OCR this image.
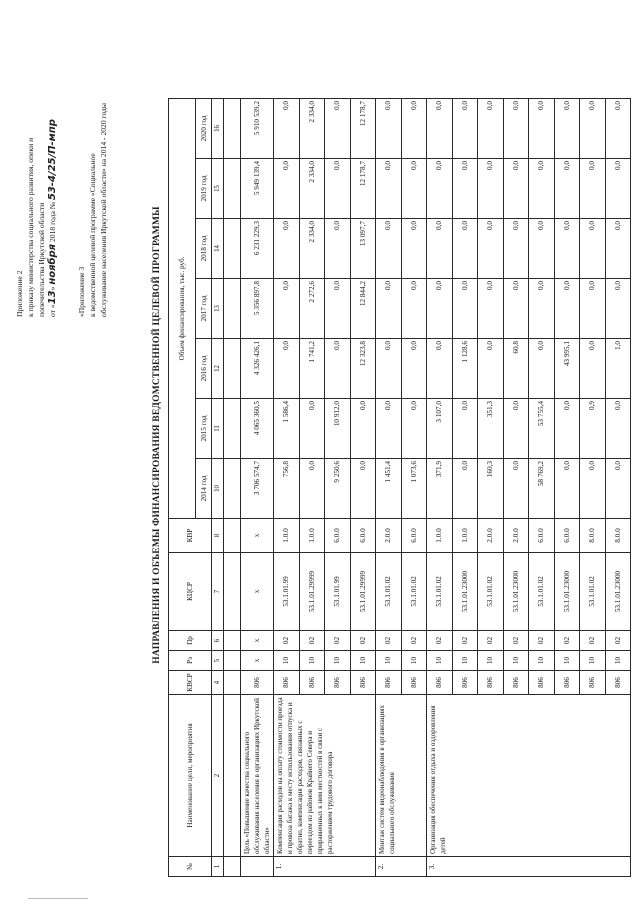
Приложение 2 к приказу министерства социального развития, опеки и попечительства Иркутской области от «13» ноября 2018 года № 53-4/25/П-мпр
«Приложение 3 к ведомственной целевой программе «Социальное обслуживание населения Иркутской области» на 2014 - 2020 годы	НАПРАВЛЕНИЯ И ОБЪЕМЫ ФИНАНСИРОВАНИЯ ВЕДОМСТВЕННОЙ ЦЕЛЕВОЙ ПРОГРАММЫ
№	Наименование цели, мероприятия	КВСР	Рз	Пр	КЦСР	КВР	Объем финансирования, тыс. руб.						
							2014 год	2015 год	2016 год	2017 год	2018 год	2019 год	2020 год
1	2	4	5	6	7	8	10	11	12	13	14	15	16

	Цель «Повышение качества социального обслуживания населения в организациях Иркутской области»	806	х	х	х	х	3 706 574,7	4 065 360,5	4 326 426,1	5 356 897,8	6 231 229,3	5 949 139,4	5 910 539,2
1.	Компенсация расходов на оплату стоимости проезда и провоза багажа к месту использования отпуска и обратно, компенсация расходов, связанных с переездом из районов Крайнего Севера и приравненных к ним местностей в связи с расторжением трудового договора	806	10	02	53.1.01.99	1.0.0	756,8	1 586,4	0,0	0,0	0,0	0,0	0,0
		806	10	02	53.1.01.29999	1.0.0	0,0	0,0	1 741,2	2 272,6	2 334,0	2 334,0	2 334,0
		806	10	02	53.1.01.99	6.0.0	9 250,6	10 912,0	0,0	0,0	0,0	0,0	0,0
		806	10	02	53.1.01.29999	6.0.0	0,0	0,0	12 323,8	12 844,2	13 097,7	12 178,7	12 178,7
2.	Монтаж систем видеонаблюдения в организациях социального обслуживания	806	10	02	53.1.01.02	2.0.0	1 451,4	0,0	0,0	0,0	0,0	0,0	0,0
		806	10	02	53.1.01.02	6.0.0	1 073,6	0,0	0,0	0,0	0,0	0,0	0,0
3.	Организация обеспечения отдыха и оздоровления детей	806	10	02	53.1.01.02	1.0.0	371,9	3 107,0	0,0	0,0	0,0	0,0	0,0
		806	10	02	53.1.01.23000	1.0.0	0,0	0,0	1 128,6	0,0	0,0	0,0	0,0
		806	10	02	53.1.01.02	2.0.0	160,3	351,3	0,0	0,0	0,0	0,0	0,0
		806	10	02	53.1.01.23000	2.0.0	0,0	0,0	60,8	0,0	0,0	0,0	0,0
		806	10	02	53.1.01.02	6.0.0	58 769,2	53 755,4	0,0	0,0	0,0	0,0	0,0
		806	10	02	53.1.01.23000	6.0.0	0,0	0,0	43 995,1	0,0	0,0	0,0	0,0
		806	10	02	53.1.01.02	8.0.0	0,0	0,9	0,0	0,0	0,0	0,0	0,0
		806	10	02	53.1.01.23000	8.0.0	0,0	0,0	1,0	0,0	0,0	0,0	0,0
